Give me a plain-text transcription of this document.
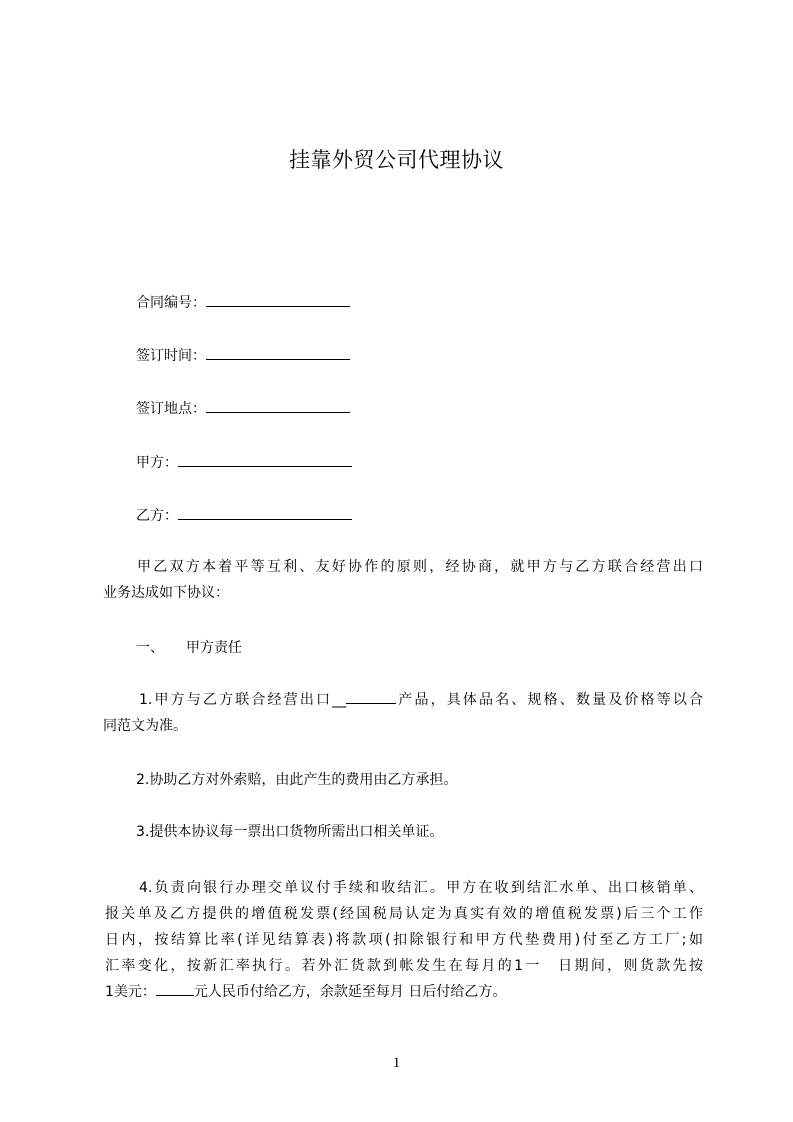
挂靠外贸公司代理协议
合同编号：
签订时间：
签订地点：
甲方：
乙方：
甲乙双方本着平等互利、友好协作的原则，经协商，就甲方与乙方联合经营出口
业务达成如下协议：
一、 甲方责任
1.甲方与乙方联合经营出口__	产品，具体品名、规格、数量及价格等以合
同范文为准。
2.协助乙方对外索赔，由此产生的费用由乙方承担。
3.提供本协议每一票出口货物所需出口相关单证。
4.负责向银行办理交单议付手续和收结汇。甲方在收到结汇水单、出口核销单、
报关单及乙方提供的增值税发票(经国税局认定为真实有效的增值税发票)后三个工作
日内，按结算比率(详见结算表)将款项(扣除银行和甲方代垫费用)付至乙方工厂;如
汇率变化，按新汇率执行。若外汇货款到帐发生在每月的1一　日期间，则货款先按
1美元：	元人民币付给乙方，余款延至每月 日后付给乙方。
1
